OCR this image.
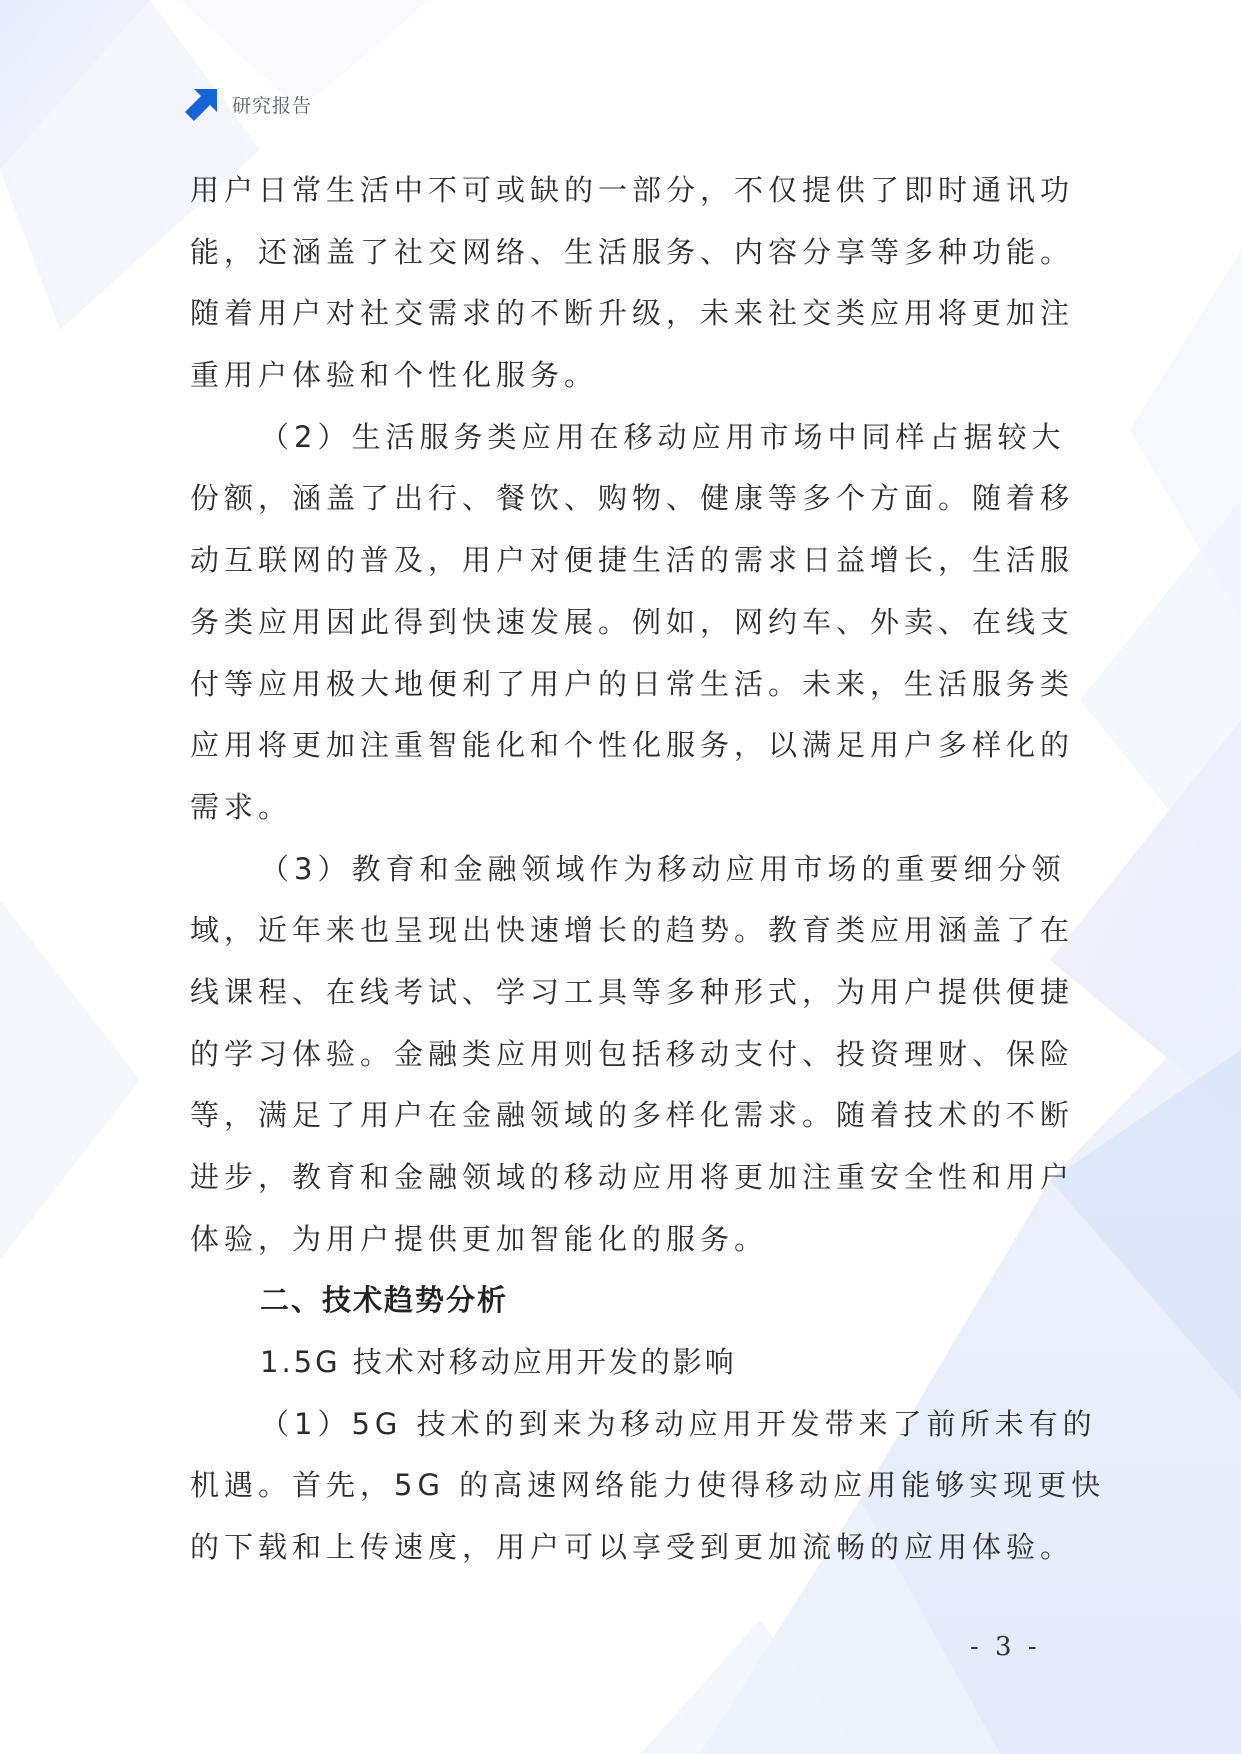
研究报告
用户日常生活中不可或缺的一部分，不仅提供了即时通讯功
能，还涵盖了社交网络、生活服务、内容分享等多种功能。
随着用户对社交需求的不断升级，未来社交类应用将更加注
重用户体验和个性化服务。
（2）生活服务类应用在移动应用市场中同样占据较大
份额，涵盖了出行、餐饮、购物、健康等多个方面。随着移
动互联网的普及，用户对便捷生活的需求日益增长，生活服
务类应用因此得到快速发展。例如，网约车、外卖、在线支
付等应用极大地便利了用户的日常生活。未来，生活服务类
应用将更加注重智能化和个性化服务，以满足用户多样化的
需求。
（3）教育和金融领域作为移动应用市场的重要细分领
域，近年来也呈现出快速增长的趋势。教育类应用涵盖了在
线课程、在线考试、学习工具等多种形式，为用户提供便捷
的学习体验。金融类应用则包括移动支付、投资理财、保险
等，满足了用户在金融领域的多样化需求。随着技术的不断
进步，教育和金融领域的移动应用将更加注重安全性和用户
体验，为用户提供更加智能化的服务。
二、技术趋势分析
1.5G 技术对移动应用开发的影响
（1）5G 技术的到来为移动应用开发带来了前所未有的
机遇。首先，5G 的高速网络能力使得移动应用能够实现更快
的下载和上传速度，用户可以享受到更加流畅的应用体验。
- 3 -
